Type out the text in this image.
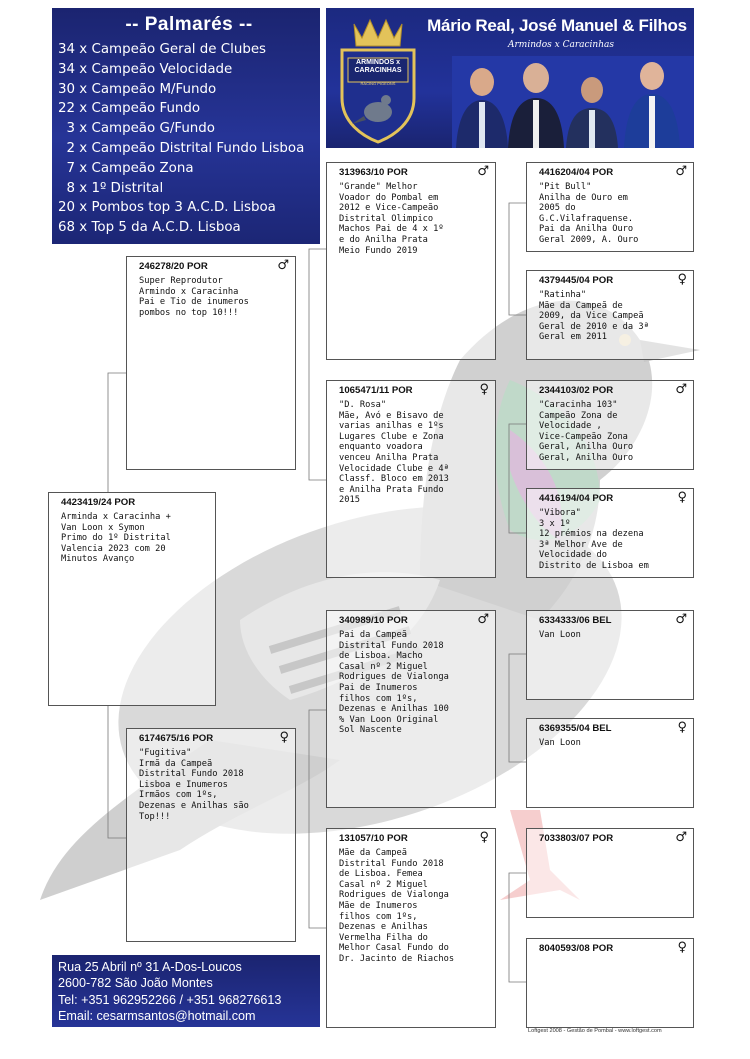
-- Palmarés --
34 x Campeão Geral de Clubes
34 x Campeão Velocidade
30 x Campeão M/Fundo
22 x Campeão Fundo
3 x Campeão G/Fundo
2 x Campeão Distrital Fundo Lisboa
7 x Campeão Zona
8 x 1º Distrital
20 x Pombos top 3 A.C.D. Lisboa
68 x Top 5 da A.C.D. Lisboa
ARMINDOS x
CARACINHAS
RACING PIGEONS
Mário Real, José Manuel & Filhos
Armindos x Caracinhas
4423419/24 POR
Arminda x Caracinha +
Van Loon x Symon
Primo do 1º Distrital
Valencia 2023 com 20
Minutos Avanço
246278/20 POR	♂
Super Reprodutor
Armindo x Caracinha
Pai e Tio de inumeros
pombos no top 10!!!
6174675/16 POR	♀
"Fugitiva"
Irmã da Campeã
Distrital Fundo 2018
Lisboa e Inumeros
Irmãos com 1ºs,
Dezenas e Anilhas são
Top!!!
313963/10 POR	♂
"Grande" Melhor
Voador do Pombal em
2012 e Vice-Campeão
Distrital Olimpico
Machos Pai de 4 x 1º
e do Anilha Prata
Meio Fundo 2019
1065471/11 POR	♀
"D. Rosa"
Mãe, Avó e Bisavo de
varias anilhas e 1ºs
Lugares Clube e Zona
enquanto voadora
venceu Anilha Prata
Velocidade Clube e 4ª
Classf. Bloco em 2013
e Anilha Prata Fundo
2015
340989/10 POR	♂
Pai da Campeã
Distrital Fundo 2018
de Lisboa. Macho
Casal nº 2 Miguel
Rodrigues de Vialonga
Pai de Inumeros
filhos com 1ºs,
Dezenas e Anilhas 100
% Van Loon Original
Sol Nascente
131057/10 POR	♀
Mãe da Campeã
Distrital Fundo 2018
de Lisboa. Femea
Casal nº 2 Miguel
Rodrigues de Vialonga
Mãe de Inumeros
filhos com 1ºs,
Dezenas e Anilhas
Vermelha Filha do
Melhor Casal Fundo do
Dr. Jacinto de Riachos
4416204/04 POR	♂
"Pit Bull"
Anilha de Ouro em
2005 do
G.C.Vilafraquense.
Pai da Anilha Ouro
Geral 2009, A. Ouro
4379445/04 POR	♀
"Ratinha"
Mãe da Campeã de
2009, da Vice Campeã
Geral de 2010 e da 3ª
Geral em 2011
2344103/02 POR	♂
"Caracinha 103"
Campeão Zona de
Velocidade ,
Vice-Campeão Zona
Geral, Anilha Ouro
Geral, Anilha Ouro
4416194/04 POR	♀
"Vibora"
3 x 1º
12 prémios na dezena
3ª Melhor Ave de
Velocidade do
Distrito de Lisboa em
6334333/06 BEL	♂
Van Loon
6369355/04 BEL	♀
Van Loon
7033803/07 POR	♂
8040593/08 POR	♀
Rua 25 Abril nº 31 A-Dos-Loucos
2600-782 São João Montes
Tel: +351 962952266 / +351 968276613
Email: cesarmsantos@hotmail.com
Loftgest 2008 - Gestão de Pombal - www.loftgest.com
